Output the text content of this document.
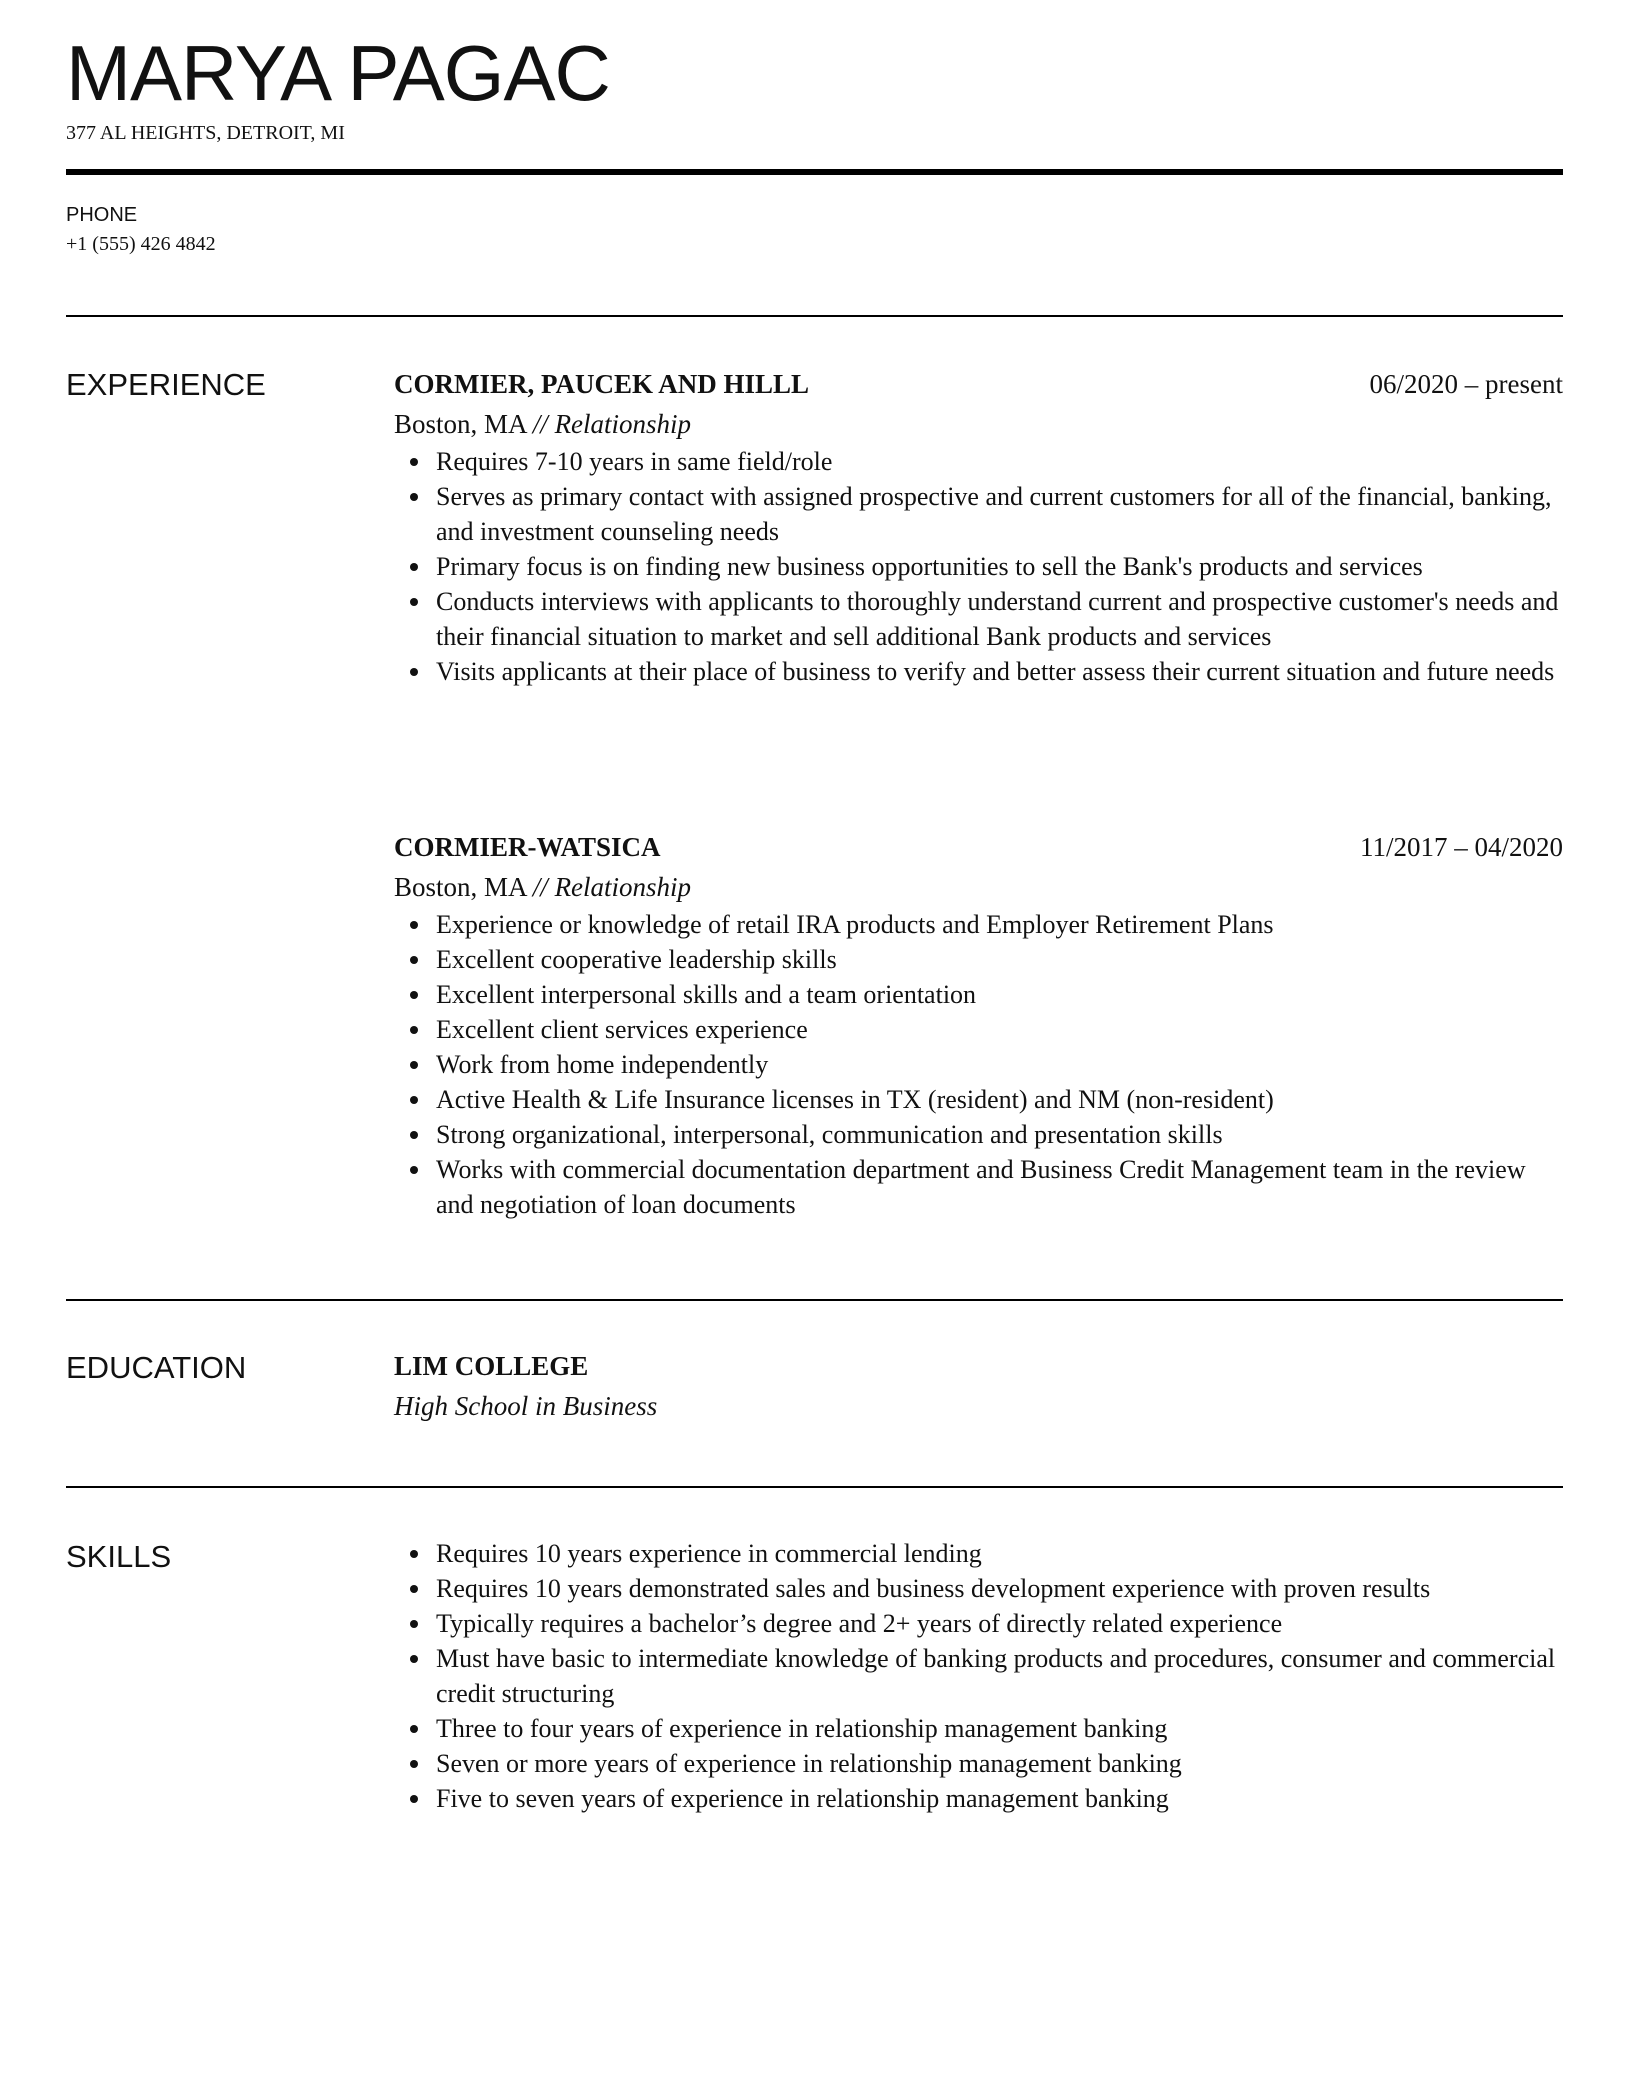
MARYA PAGAC
377 AL HEIGHTS, DETROIT, MI
PHONE
+1 (555) 426 4842
EXPERIENCE	CORMIER, PAUCEK AND HILLL	06/2020 – present
Boston, MA // Relationship
Requires 7-10 years in same field/role
Serves as primary contact with assigned prospective and current customers for all of the financial, banking, and investment counseling needs
Primary focus is on finding new business opportunities to sell the Bank's products and services
Conducts interviews with applicants to thoroughly understand current and prospective customer's needs and their financial situation to market and sell additional Bank products and services
Visits applicants at their place of business to verify and better assess their current situation and future needs
CORMIER-WATSICA	11/2017 – 04/2020
Boston, MA // Relationship
Experience or knowledge of retail IRA products and Employer Retirement Plans
Excellent cooperative leadership skills
Excellent interpersonal skills and a team orientation
Excellent client services experience
Work from home independently
Active Health & Life Insurance licenses in TX (resident) and NM (non-resident)
Strong organizational, interpersonal, communication and presentation skills
Works with commercial documentation department and Business Credit Management team in the review and negotiation of loan documents
EDUCATION	LIM COLLEGE
High School in Business
SKILLS	Requires 10 years experience in commercial lending
Requires 10 years demonstrated sales and business development experience with proven results
Typically requires a bachelor’s degree and 2+ years of directly related experience
Must have basic to intermediate knowledge of banking products and procedures, consumer and commercial credit structuring
Three to four years of experience in relationship management banking
Seven or more years of experience in relationship management banking
Five to seven years of experience in relationship management banking
